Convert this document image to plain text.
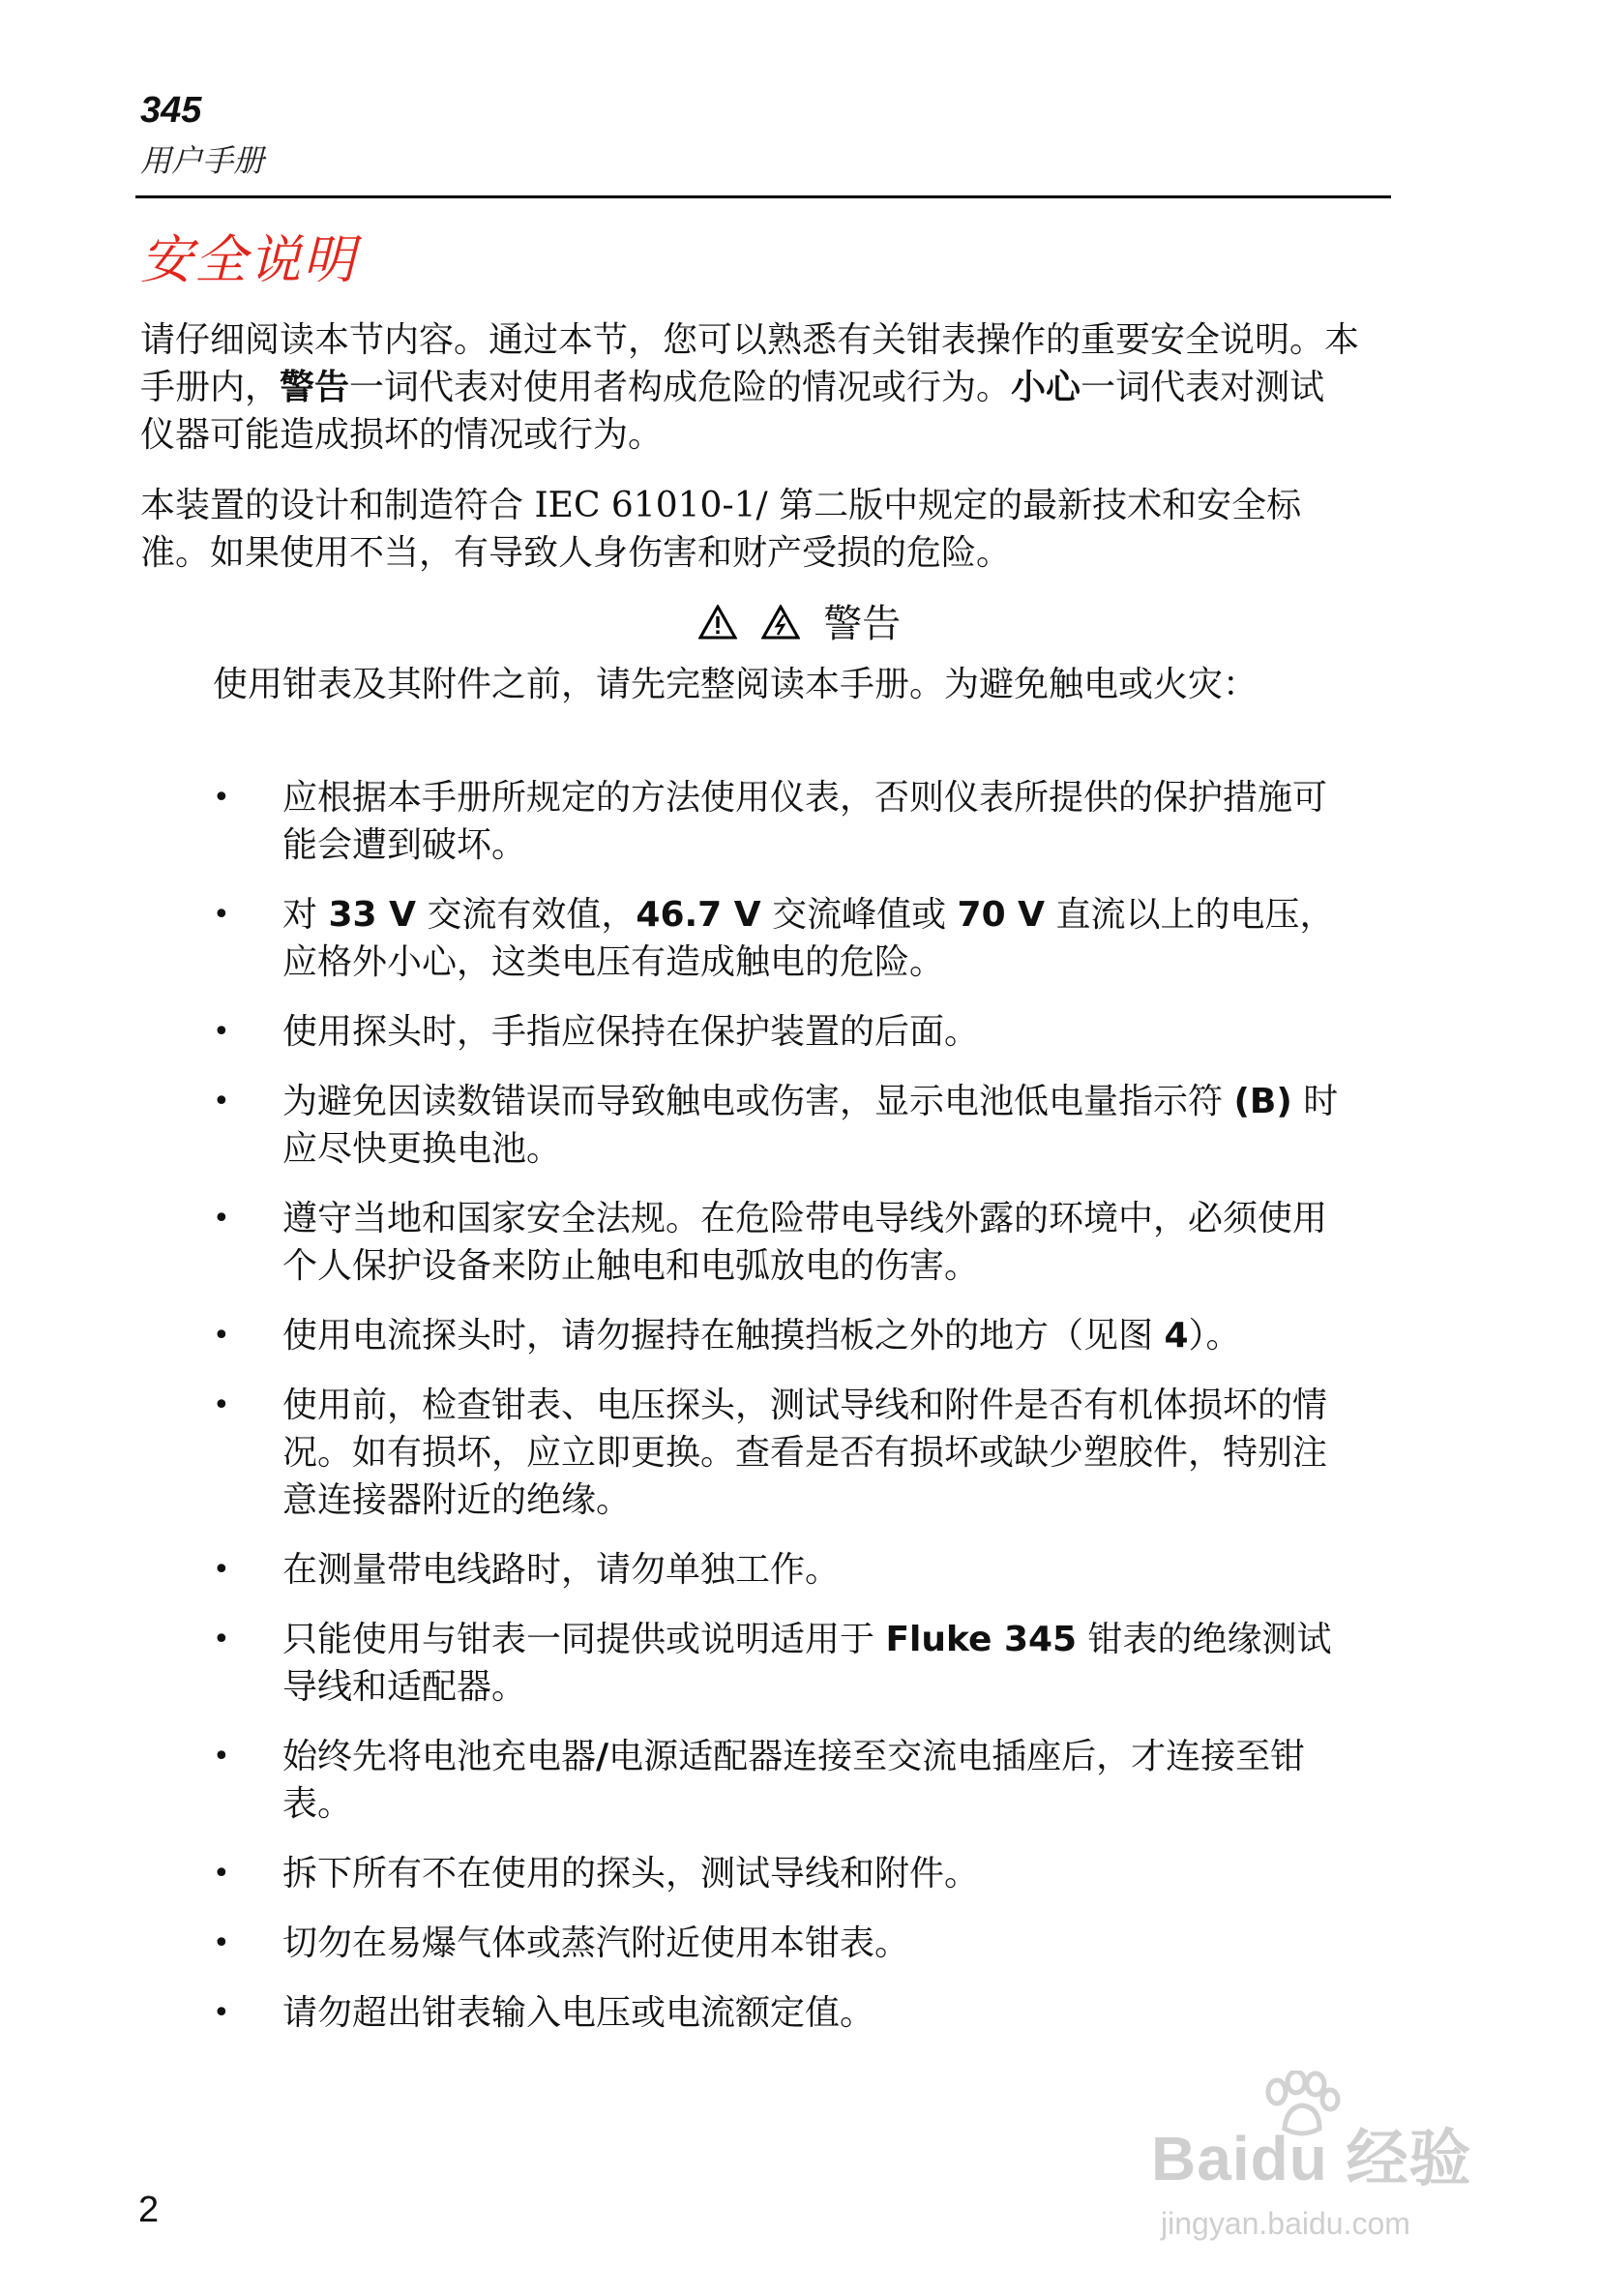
345
用户手册
安全说明

请仔细阅读本节内容。通过本节，您可以熟悉有关钳表操作的重要安全说明。本手册内，警告一词代表对使用者构成危险的情况或行为。小心一词代表对测试仪器可能造成损坏的情况或行为。

本装置的设计和制造符合 IEC 61010-1/ 第二版中规定的最新技术和安全标准。如果使用不当，有导致人身伤害和财产受损的危险。

警告

使用钳表及其附件之前，请先完整阅读本手册。为避免触电或火灾：

• 应根据本手册所规定的方法使用仪表，否则仪表所提供的保护措施可能会遭到破坏。
• 对 33 V 交流有效值，46.7 V 交流峰值或 70 V 直流以上的电压，应格外小心，这类电压有造成触电的危险。
• 使用探头时，手指应保持在保护装置的后面。
• 为避免因读数错误而导致触电或伤害，显示电池低电量指示符 (B) 时应尽快更换电池。
• 遵守当地和国家安全法规。在危险带电导线外露的环境中，必须使用个人保护设备来防止触电和电弧放电的伤害。
• 使用电流探头时，请勿握持在触摸挡板之外的地方（见图 4）。
• 使用前，检查钳表、电压探头，测试导线和附件是否有机体损坏的情况。如有损坏，应立即更换。查看是否有损坏或缺少塑胶件，特别注意连接器附近的绝缘。
• 在测量带电线路时，请勿单独工作。
• 只能使用与钳表一同提供或说明适用于 Fluke 345 钳表的绝缘测试导线和适配器。
• 始终先将电池充电器/电源适配器连接至交流电插座后，才连接至钳表。
• 拆下所有不在使用的探头，测试导线和附件。
• 切勿在易爆气体或蒸汽附近使用本钳表。
• 请勿超出钳表输入电压或电流额定值。
2
Baidu 经验
jingyan.baidu.com
